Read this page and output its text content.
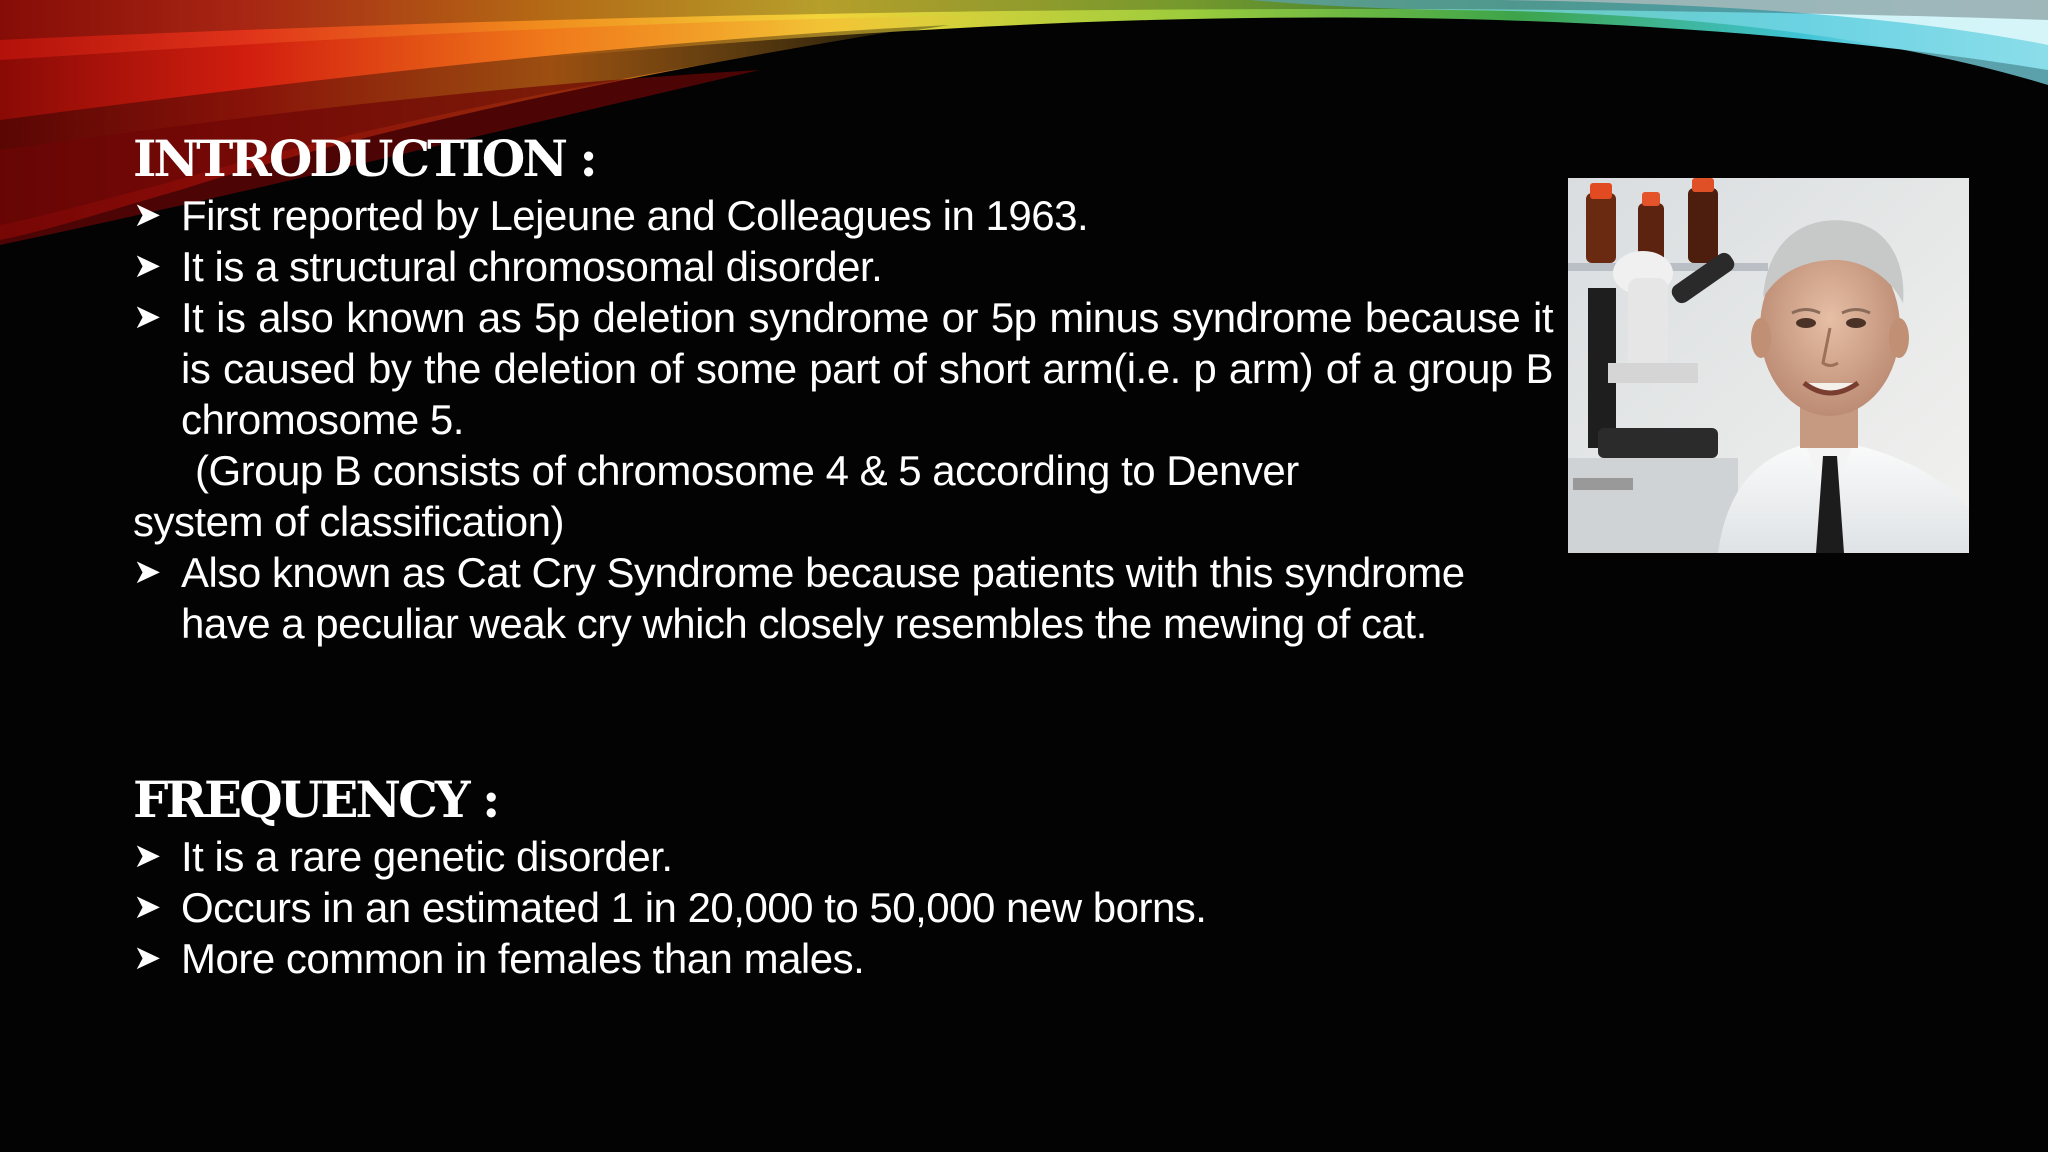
INTRODUCTION :
➤ First reported by Lejeune and Colleagues in 1963.
➤ It is a structural chromosomal disorder.
➤ It is also known as 5p deletion syndrome or 5p minus syndrome because it is caused by the deletion of some part of short arm(i.e. p arm) of a group B chromosome 5.
(Group B consists of chromosome 4 & 5 according to Denver
system of classification)
➤ Also known as Cat Cry Syndrome because patients with this syndrome have a peculiar weak cry which closely resembles the mewing of cat.
FREQUENCY :
➤ It is a rare genetic disorder.
➤ Occurs in an estimated 1 in 20,000 to 50,000 new borns.
➤ More common in females than males.
